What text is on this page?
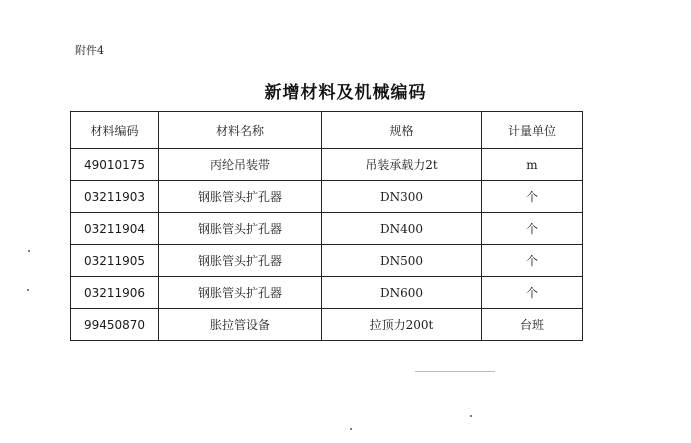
附件4
新增材料及机械编码
材料编码	材料名称	规格	计量单位
49010175	丙纶吊装带	吊装承载力2t	m
03211903	钢胀管头扩孔器	DN300	个
03211904	钢胀管头扩孔器	DN400	个
03211905	钢胀管头扩孔器	DN500	个
03211906	钢胀管头扩孔器	DN600	个
99450870	胀拉管设备	拉顶力200t	台班
